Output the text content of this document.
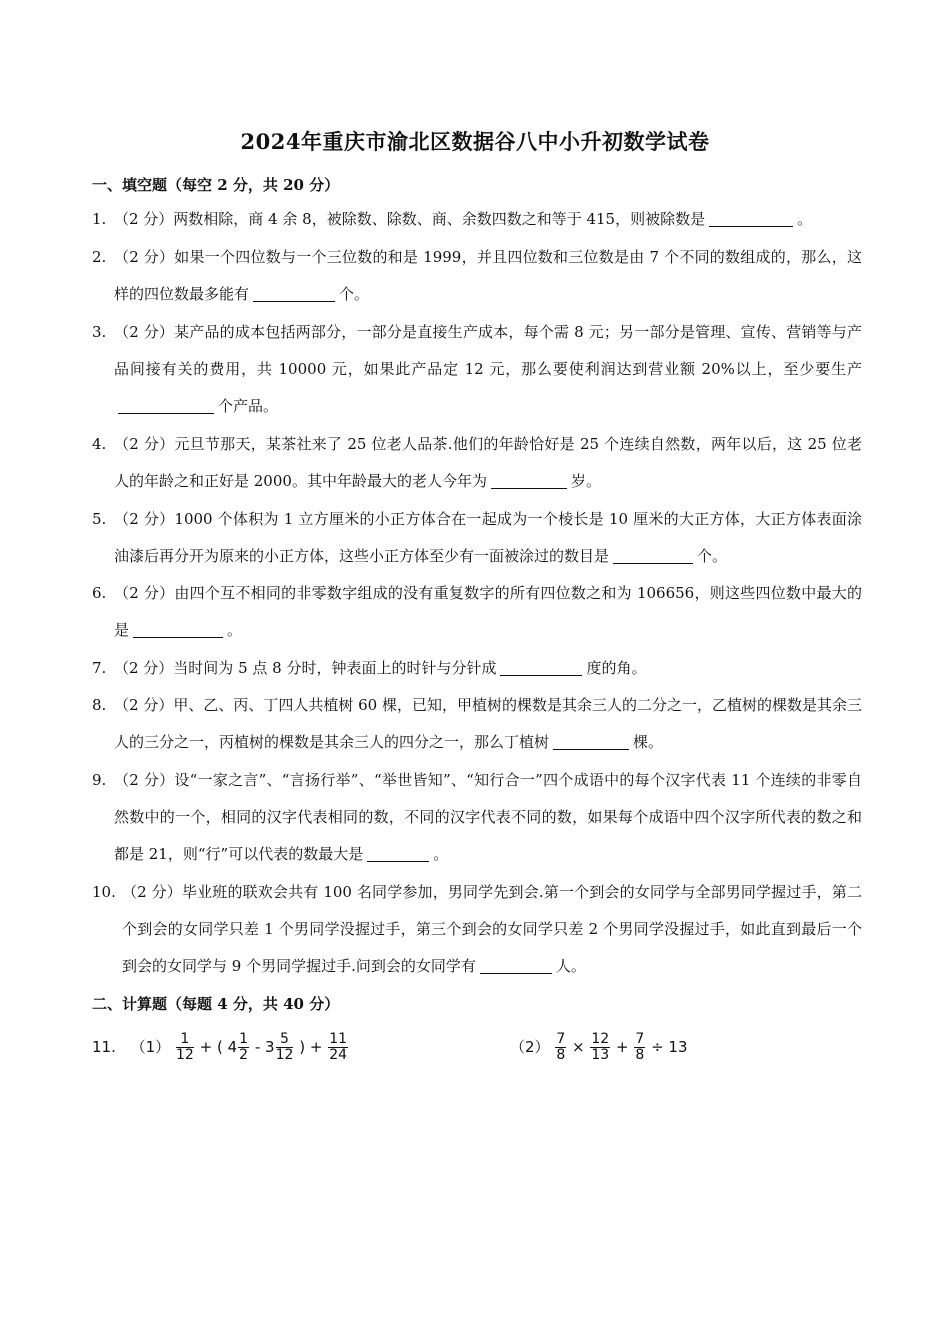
2024年重庆市渝北区数据谷八中小升初数学试卷
一、填空题（每空 2 分，共 20 分）
1. （2 分）两数相除，商 4 余 8，被除数、除数、商、余数四数之和等于 415，则被除数是	。
2. （2 分）如果一个四位数与一个三位数的和是 1999，并且四位数和三位数是由 7 个不同的数组成的，那么，这样的四位数最多能有	个。
3. （2 分）某产品的成本包括两部分，一部分是直接生产成本，每个需 8 元；另一部分是管理、宣传、营销等与产品间接有关的费用，共 10000 元，如果此产品定 12 元，那么要使利润达到营业额 20%以上，至少要生产个产品。
4. （2 分）元旦节那天，某茶社来了 25 位老人品茶.他们的年龄恰好是 25 个连续自然数，两年以后，这 25 位老人的年龄之和正好是 2000。其中年龄最大的老人今年为	岁。
5. （2 分）1000 个体积为 1 立方厘米的小正方体合在一起成为一个棱长是 10 厘米的大正方体，大正方体表面涂油漆后再分开为原来的小正方体，这些小正方体至少有一面被涂过的数目是	个。
6. （2 分）由四个互不相同的非零数字组成的没有重复数字的所有四位数之和为 106656，则这些四位数中最大的是	。
7. （2 分）当时间为 5 点 8 分时，钟表面上的时针与分针成	度的角。
8. （2 分）甲、乙、丙、丁四人共植树 60 棵，已知，甲植树的棵数是其余三人的二分之一，乙植树的棵数是其余三人的三分之一，丙植树的棵数是其余三人的四分之一，那么丁植树	棵。
9. （2 分）设“一家之言”、“言扬行举”、“举世皆知”、“知行合一”四个成语中的每个汉字代表 11 个连续的非零自然数中的一个，相同的汉字代表相同的数，不同的汉字代表不同的数，如果每个成语中四个汉字所代表的数之和都是 21，则“行”可以代表的数最大是	。
10. （2 分）毕业班的联欢会共有 100 名同学参加，男同学先到会.第一个到会的女同学与全部男同学握过手，第二个到会的女同学只差 1 个男同学没握过手，第三个到会的女同学只差 2 个男同学没握过手，如此直到最后一个到会的女同学与 9 个男同学握过手.问到会的女同学有	人。
二、计算题（每题 4 分，共 40 分）
11. $(1) \frac{1}{12}$ + ( $4 \frac{1}{2} - 3 \frac{5}{12}$ ) + $\frac{11}{24}$	$(2) \frac{7}{8} \times \frac{12}{13} + \frac{7}{8} \div 13$
